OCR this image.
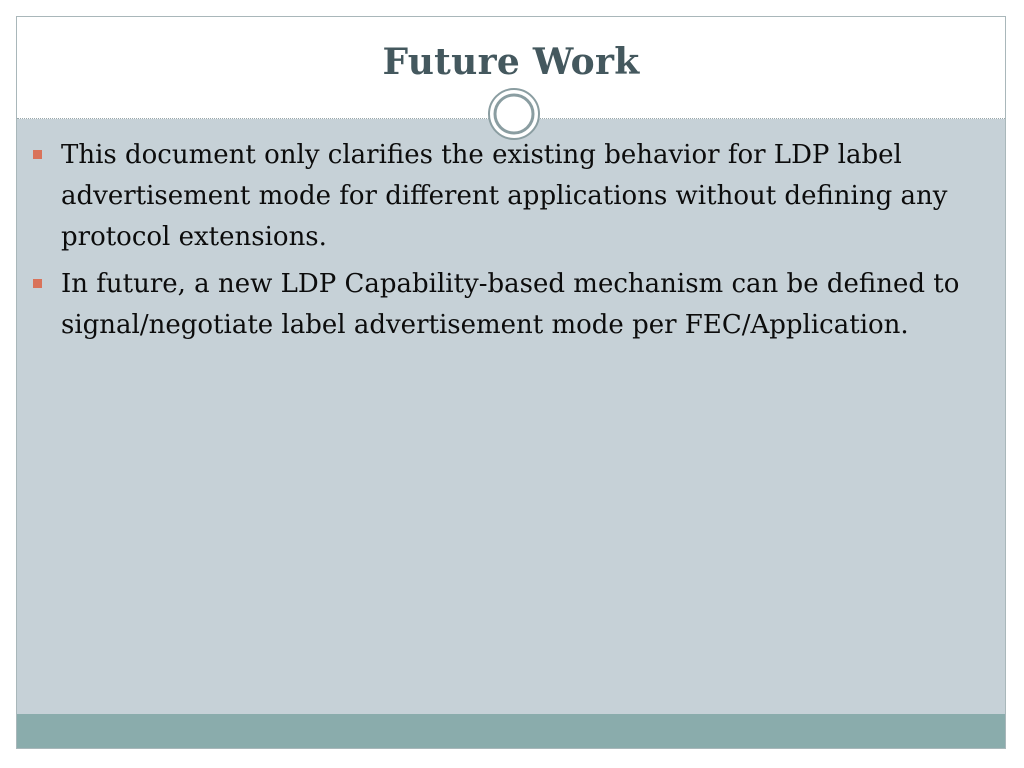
Future Work
This document only clarifies the existing behavior for LDP label advertisement mode for different applications without defining any protocol extensions.
In future, a new LDP Capability-based mechanism can be defined to signal/negotiate label advertisement mode per FEC/Application.
